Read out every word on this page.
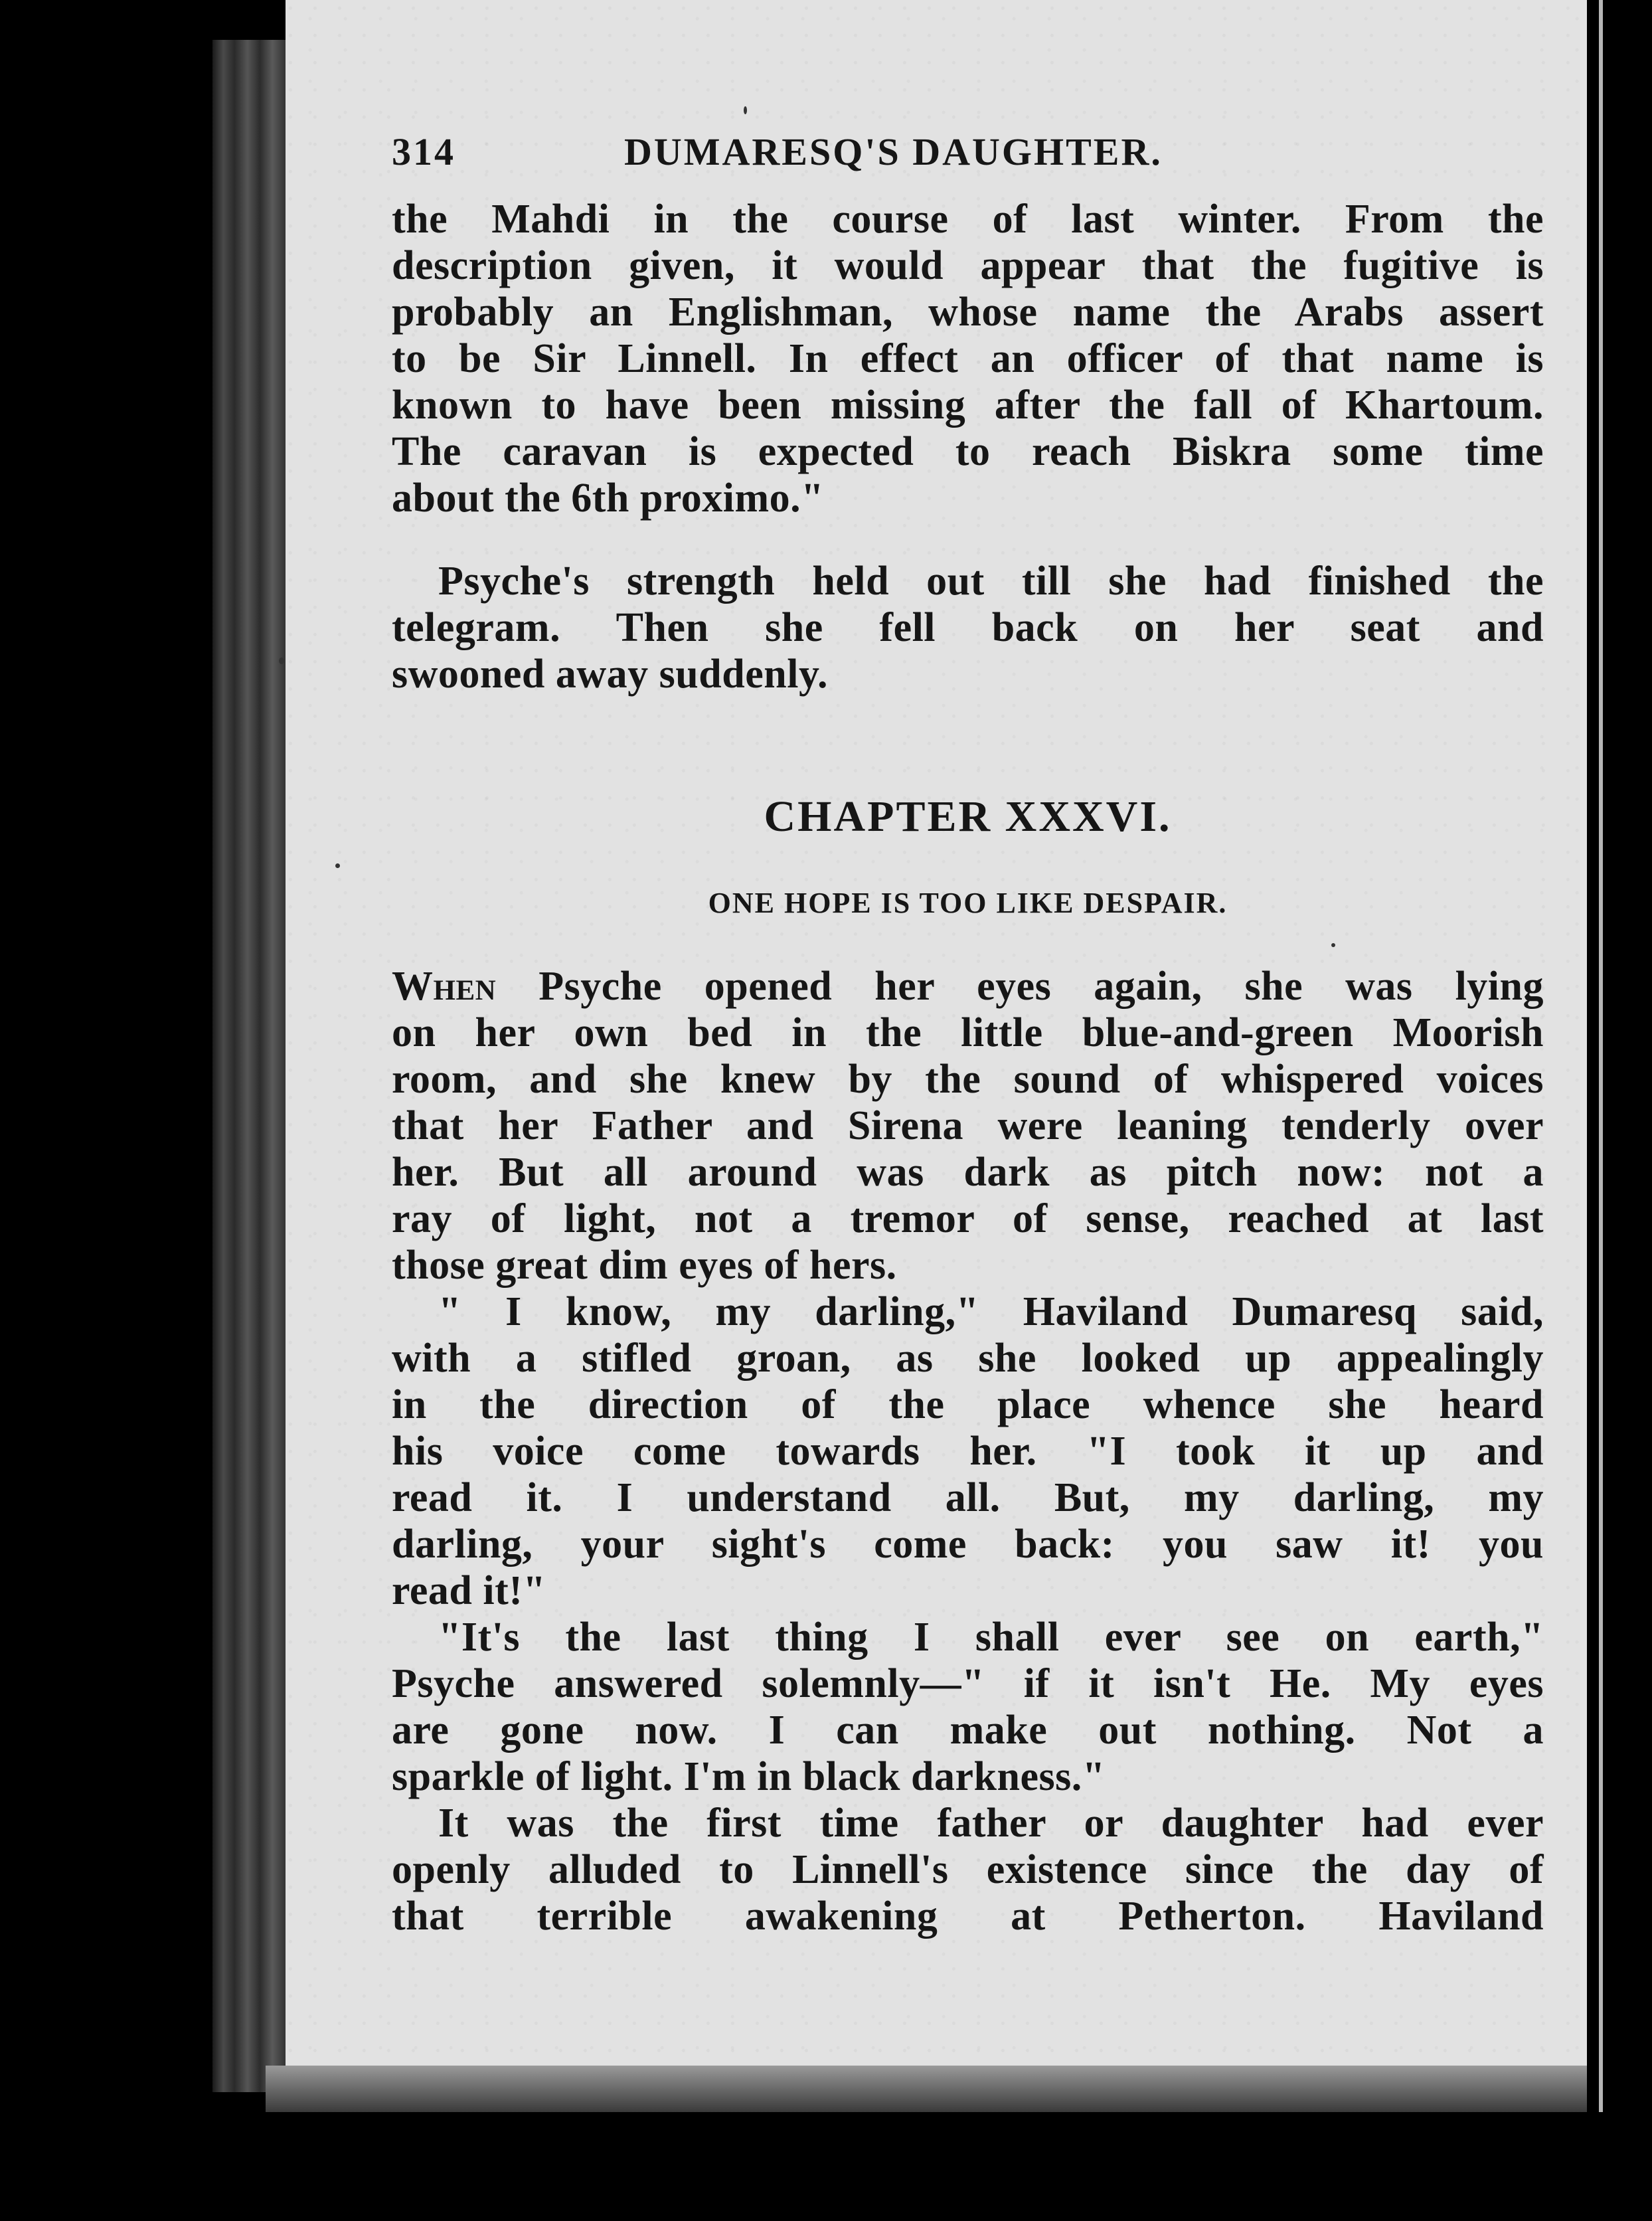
314	DUMARESQ'S DAUGHTER.

the Mahdi in the course of last winter. From the
description given, it would appear that the fugitive is
probably an Englishman, whose name the Arabs assert
to be Sir Linnell. In effect an officer of that name is
known to have been missing after the fall of Khartoum.
The caravan is expected to reach Biskra some time
about the 6th proximo."

Psyche's strength held out till she had finished the
telegram. Then she fell back on her seat and
swooned away suddenly.

CHAPTER XXXVI.
ONE HOPE IS TOO LIKE DESPAIR.

When Psyche opened her eyes again, she was lying
on her own bed in the little blue-and-green Moorish
room, and she knew by the sound of whispered voices
that her Father and Sirena were leaning tenderly over
her. But all around was dark as pitch now: not a
ray of light, not a tremor of sense, reached at last
those great dim eyes of hers.

" I know, my darling," Haviland Dumaresq said,
with a stifled groan, as she looked up appealingly
in the direction of the place whence she heard
his voice come towards her. "I took it up and
read it. I understand all. But, my darling, my
darling, your sight's come back: you saw it! you
read it!"

"It's the last thing I shall ever see on earth,"
Psyche answered solemnly—" if it isn't He. My eyes
are gone now. I can make out nothing. Not a
sparkle of light. I'm in black darkness."

It was the first time father or daughter had ever
openly alluded to Linnell's existence since the day of
that terrible awakening at Petherton. Haviland
